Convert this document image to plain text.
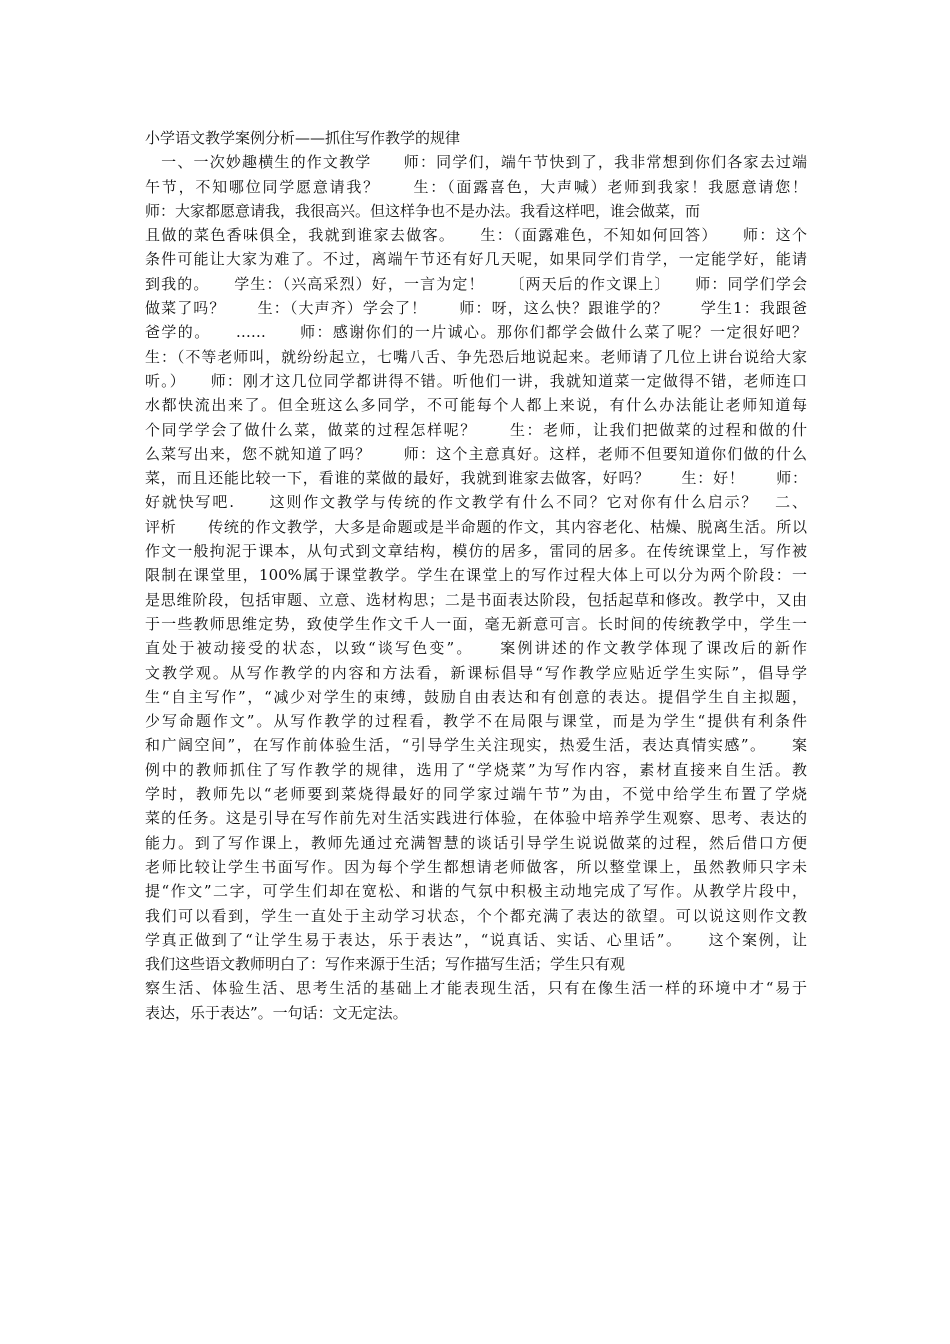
小学语文教学案例分析——抓住写作教学的规律
　一、一次妙趣横生的作文教学　　师：同学们，端午节快到了，我非常想到你们各家去过端
午节，不知哪位同学愿意请我？　　生：（面露喜色，大声喊）老师到我家！我愿意请您！
师：大家都愿意请我，我很高兴。但这样争也不是办法。我看这样吧，谁会做菜，而
且做的菜色香味俱全，我就到谁家去做客。　　生：（面露难色，不知如何回答）　　师：这个
条件可能让大家为难了。不过，离端午节还有好几天呢，如果同学们肯学，一定能学好，能请
到我的。　　学生：（兴高采烈）好，一言为定！　　〔两天后的作文课上〕　　师：同学们学会
做菜了吗？　　生：（大声齐）学会了！　　师：呀，这么快？跟谁学的？　　学生1：我跟爸
爸学的。　　……　　师：感谢你们的一片诚心。那你们都学会做什么菜了呢？一定很好吧？
生：（不等老师叫，就纷纷起立，七嘴八舌、争先恐后地说起来。老师请了几位上讲台说给大家
听。）　　师：刚才这几位同学都讲得不错。听他们一讲，我就知道菜一定做得不错，老师连口
水都快流出来了。但全班这么多同学，不可能每个人都上来说，有什么办法能让老师知道每
个同学学会了做什么菜，做菜的过程怎样呢？　　生：老师，让我们把做菜的过程和做的什
么菜写出来，您不就知道了吗？　　师：这个主意真好。这样，老师不但要知道你们做的什么
菜，而且还能比较一下，看谁的菜做的最好，我就到谁家去做客，好吗？　　生：好！　　师：
好就快写吧.　　这则作文教学与传统的作文教学有什么不同？它对你有什么启示？　二、
评析　　传统的作文教学，大多是命题或是半命题的作文，其内容老化、枯燥、脱离生活。所以
作文一般拘泥于课本，从句式到文章结构，模仿的居多，雷同的居多。在传统课堂上，写作被
限制在课堂里，100%属于课堂教学。学生在课堂上的写作过程大体上可以分为两个阶段：一
是思维阶段，包括审题、立意、选材构思；二是书面表达阶段，包括起草和修改。教学中，又由
于一些教师思维定势，致使学生作文千人一面，毫无新意可言。长时间的传统教学中，学生一
直处于被动接受的状态，以致“谈写色变”。　　案例讲述的作文教学体现了课改后的新作
文教学观。从写作教学的内容和方法看，新课标倡导“写作教学应贴近学生实际”，倡导学
生“自主写作”，“减少对学生的束缚，鼓励自由表达和有创意的表达。提倡学生自主拟题，
少写命题作文”。从写作教学的过程看，教学不在局限与课堂，而是为学生“提供有利条件
和广阔空间”，在写作前体验生活，“引导学生关注现实，热爱生活，表达真情实感”。　　案
例中的教师抓住了写作教学的规律，选用了“学烧菜”为写作内容，素材直接来自生活。教
学时，教师先以“老师要到菜烧得最好的同学家过端午节”为由，不觉中给学生布置了学烧
菜的任务。这是引导在写作前先对生活实践进行体验，在体验中培养学生观察、思考、表达的
能力。到了写作课上，教师先通过充满智慧的谈话引导学生说说做菜的过程，然后借口方便
老师比较让学生书面写作。因为每个学生都想请老师做客，所以整堂课上，虽然教师只字未
提“作文”二字，可学生们却在宽松、和谐的气氛中积极主动地完成了写作。从教学片段中，
我们可以看到，学生一直处于主动学习状态，个个都充满了表达的欲望。可以说这则作文教
学真正做到了“让学生易于表达，乐于表达”，“说真话、实话、心里话”。　　这个案例，让
我们这些语文教师明白了：写作来源于生活；写作描写生活；学生只有观
察生活、体验生活、思考生活的基础上才能表现生活，只有在像生活一样的环境中才“易于
表达，乐于表达”。一句话：文无定法。
